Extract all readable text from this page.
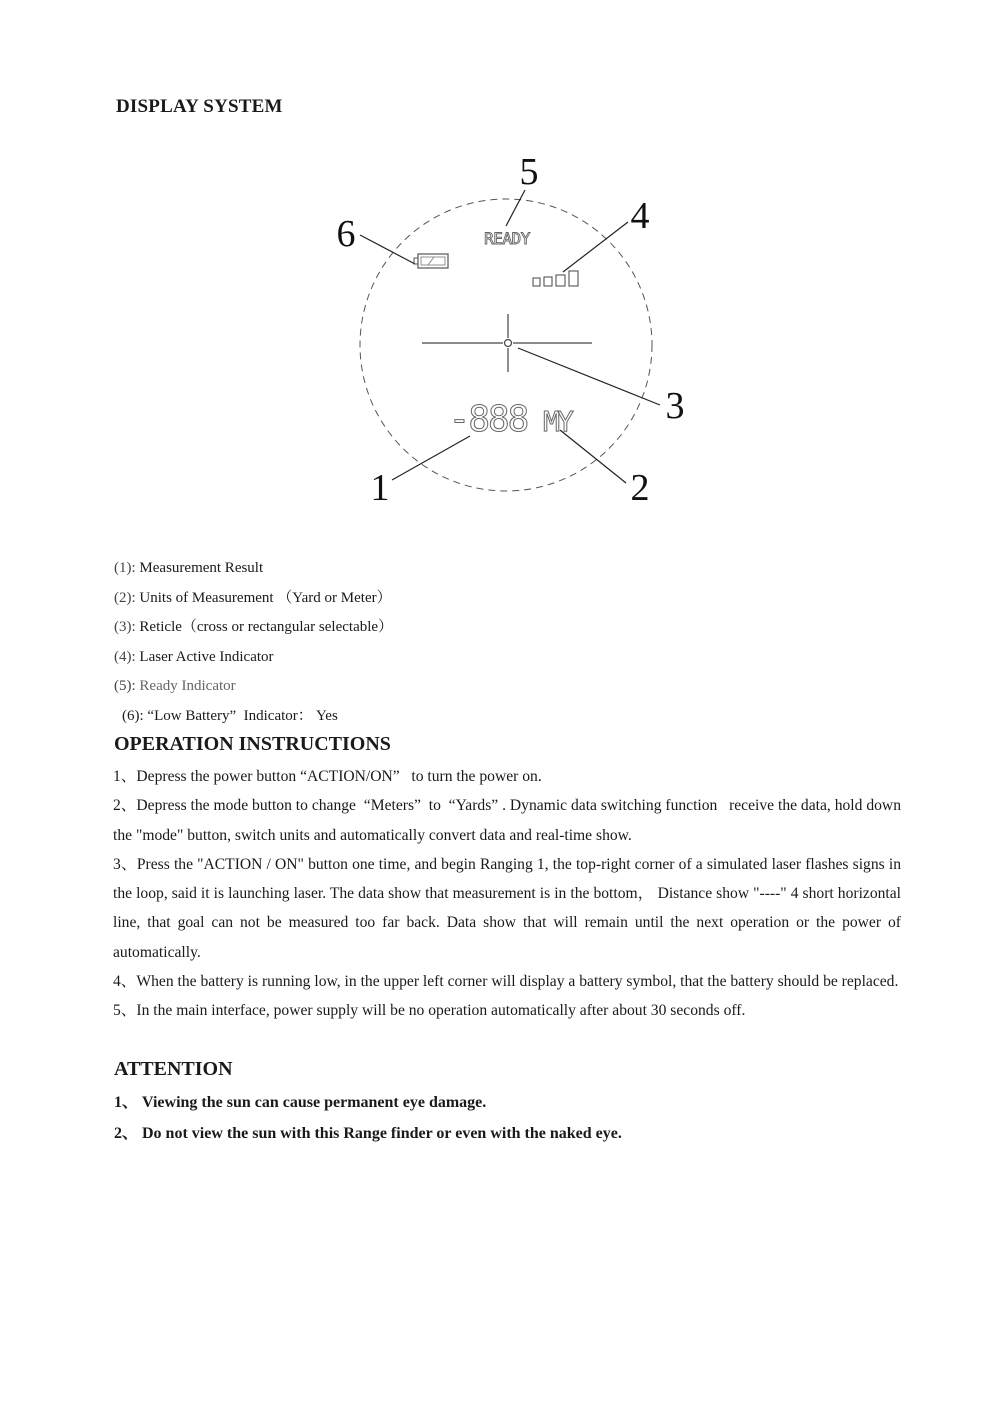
DISPLAY SYSTEM
READY
-888 MY
5
4
6
3
1	2
(1): Measurement Result
(2): Units of Measurement （Yard or Meter）
(3): Reticle（cross or rectangular selectable）
(4): Laser Active Indicator
(5): Ready Indicator
(6): “Low Battery”  Indicator： Yes
OPERATION INSTRUCTIONS

1、Depress the power button “ACTION/ON”   to turn the power on.

2、Depress the mode button to change  “Meters”  to  “Yards” . Dynamic data switching function   receive the data, hold down the "mode" button, switch units and automatically convert data and real-time show.

3、Press the "ACTION / ON" button one time, and begin Ranging 1, the top-right corner of a simulated laser flashes signs in the loop, said it is launching laser. The data show that measurement is in the bottom， Distance show "----" 4 short horizontal line, that goal can not be measured too far back. Data show that will remain until the next operation or the power of automatically.

4、When the battery is running low, in the upper left corner will display a battery symbol, that the battery should be replaced.

5、In the main interface, power supply will be no operation automatically after about 30 seconds off.

ATTENTION

1、 Viewing the sun can cause permanent eye damage.

2、 Do not view the sun with this Range finder or even with the naked eye.
